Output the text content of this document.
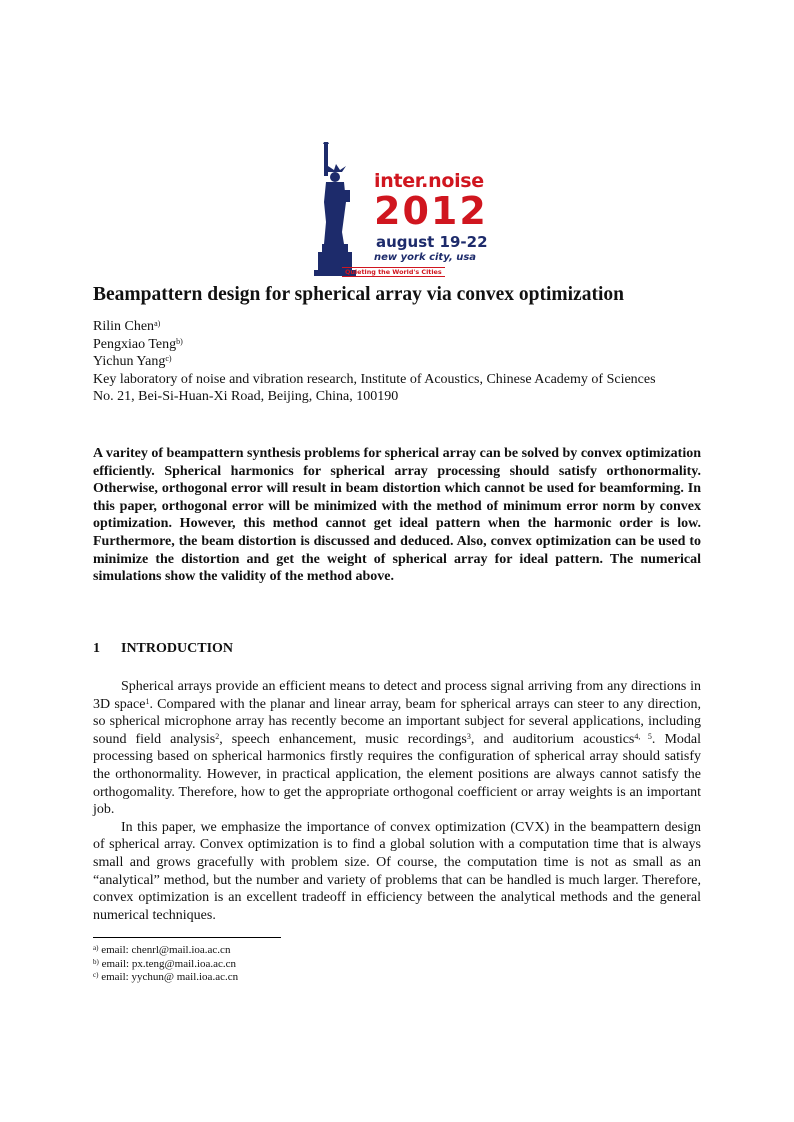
inter.noise
2012
august 19-22
new york city, usa
Quieting the World's Cities
Beampattern design for spherical array via convex optimization
Rilin Chen$^{a)}$
Pengxiao Teng$^{b)}$
Yichun Yang$^{c)}$
Key laboratory of noise and vibration research, Institute of Acoustics, Chinese Academy of Sciences
No. 21, Bei-Si-Huan-Xi Road, Beijing, China, 100190
A varitey of beampattern synthesis problems for spherical array can be solved by convex optimization efficiently. Spherical harmonics for spherical array processing should satisfy orthonormality. Otherwise, orthogonal error will result in beam distortion which cannot be used for beamforming. In this paper, orthogonal error will be minimized with the method of minimum error norm by convex optimization. However, this method cannot get ideal pattern when the harmonic order is low. Furthermore, the beam distortion is discussed and deduced. Also, convex optimization can be used to minimize the distortion and get the weight of spherical array for ideal pattern. The numerical simulations show the validity of the method above.
1 INTRODUCTION

Spherical arrays provide an efficient means to detect and process signal arriving from any directions in 3D space$^1$. Compared with the planar and linear array, beam for spherical arrays can steer to any direction, so spherical microphone array has recently become an important subject for several applications, including sound field analysis$^2$, speech enhancement, music recordings$^3$, and auditorium acoustics$^{4, 5}$. Modal processing based on spherical harmonics firstly requires the configuration of spherical array should satisfy the orthonormality. However, in practical application, the element positions are always cannot satisfy the orthogomality. Therefore, how to get the appropriate orthogonal coefficient or array weights is an important job.

In this paper, we emphasize the importance of convex optimization (CVX) in the beampattern design of spherical array. Convex optimization is to find a global solution with a computation time that is always small and grows gracefully with problem size. Of course, the computation time is not as small as an “analytical” method, but the number and variety of problems that can be handled is much larger. Therefore, convex optimization is an excellent tradeoff in efficiency between the analytical methods and the general numerical techniques.

$^{a)}$ email: chenrl@mail.ioa.ac.cn
$^{b)}$ email: px.teng@mail.ioa.ac.cn
$^{c)}$ email: yychun@ mail.ioa.ac.cn
